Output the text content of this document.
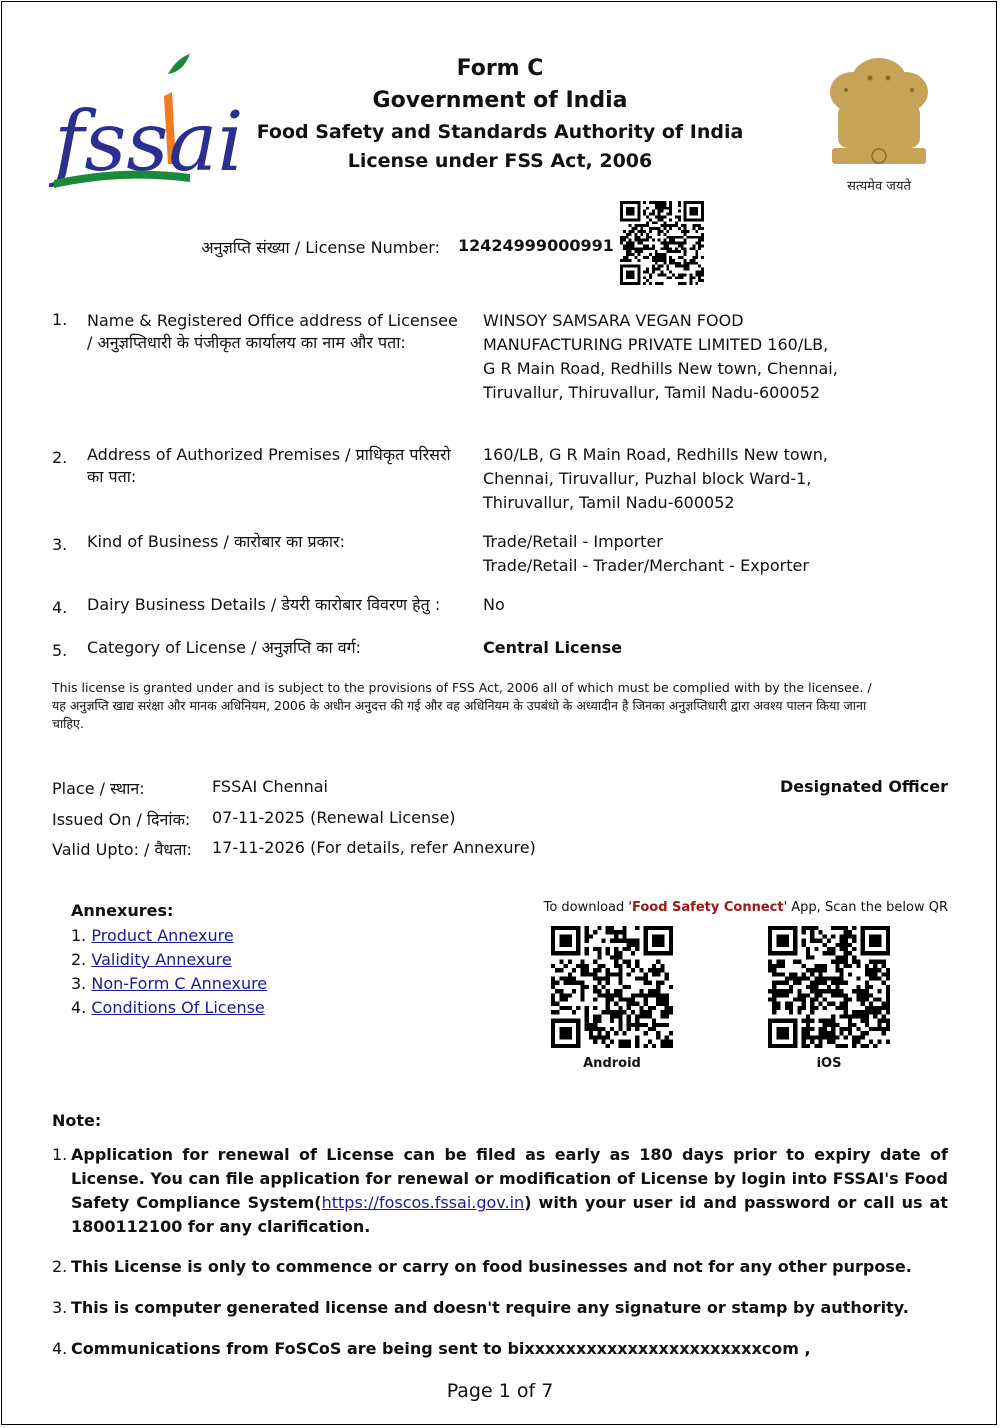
fssai	सत्यमेव जयते
Form C
Government of India
Food Safety and Standards Authority of India
License under FSS Act, 2006
अनुज्ञप्ति संख्या / License Number: 12424999000991
1. Name & Registered Office address of Licensee / अनुज्ञप्तिधारी के पंजीकृत कार्यालय का नाम और पता:
WINSOY SAMSARA VEGAN FOOD MANUFACTURING PRIVATE LIMITED 160/LB, G R Main Road, Redhills New town, Chennai, Tiruvallur, Thiruvallur, Tamil Nadu-600052
2. Address of Authorized Premises / प्राधिकृत परिसरो का पता:
160/LB, G R Main Road, Redhills New town, Chennai, Tiruvallur, Puzhal block Ward-1, Thiruvallur, Tamil Nadu-600052
3. Kind of Business / कारोबार का प्रकार:	Trade/Retail - Importer
Trade/Retail - Trader/Merchant - Exporter
4. Dairy Business Details / डेयरी कारोबार विवरण हेतु :	No
5. Category of License / अनुज्ञप्ति का वर्ग:	Central License
This license is granted under and is subject to the provisions of FSS Act, 2006 all of which must be complied with by the licensee. / यह अनुज्ञप्ति खाद्य सरंक्षा और मानक अधिनियम, 2006 के अधीन अनुदत्त की गई और वह अधिनियम के उपबंधो के अध्यादीन है जिनका अनुज्ञप्तिधारी द्वारा अवश्य पालन किया जाना चाहिए.
Place / स्थान:	FSSAI Chennai
Issued On / दिनांक: 07-11-2025 (Renewal License)
Valid Upto: / वैधता: 17-11-2026 (For details, refer Annexure)
Designated Officer
Annexures:
1. Product Annexure
2. Validity Annexure
3. Non-Form C Annexure
4. Conditions Of License
To download 'Food Safety Connect' App, Scan the below QR
Android	iOS
Note:
1. Application for renewal of License can be filed as early as 180 days prior to expiry date of License. You can file application for renewal or modification of License by login into FSSAI's Food Safety Compliance System(https://foscos.fssai.gov.in) with your user id and password or call us at 1800112100 for any clarification.
2. This License is only to commence or carry on food businesses and not for any other purpose.
3. This is computer generated license and doesn't require any signature or stamp by authority.
4. Communications from FoSCoS are being sent to bixxxxxxxxxxxxxxxxxxxxxxxcom ,
Page 1 of 7
